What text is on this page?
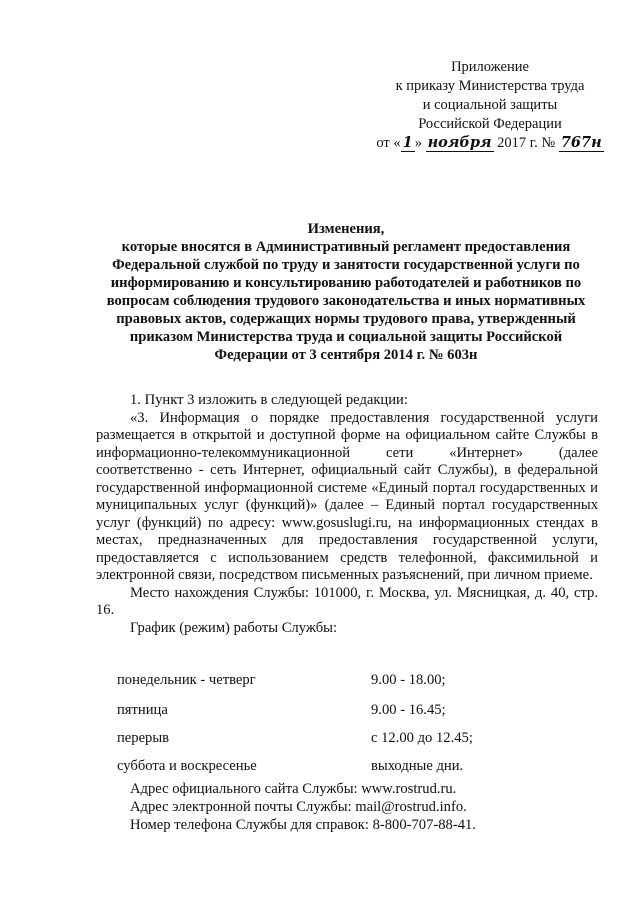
Приложение
к приказу Министерства труда
и социальной защиты
Российской Федерации
от « 1 » ноября 2017 г. № 767н
Изменения,
которые вносятся в Административный регламент предоставления Федеральной службой по труду и занятости государственной услуги по информированию и консультированию работодателей и работников по вопросам соблюдения трудового законодательства и иных нормативных правовых актов, содержащих нормы трудового права, утвержденный приказом Министерства труда и социальной защиты Российской Федерации от 3 сентября 2014 г. № 603н

1. Пункт 3 изложить в следующей редакции:

«3. Информация о порядке предоставления государственной услуги размещается в открытой и доступной форме на официальном сайте Службы в информационно-телекоммуникационной сети «Интернет» (далее соответственно - сеть Интернет, официальный сайт Службы), в федеральной государственной информационной системе «Единый портал государственных и муниципальных услуг (функций)» (далее – Единый портал государственных услуг (функций) по адресу: www.gosuslugi.ru, на информационных стендах в местах, предназначенных для предоставления государственной услуги, предоставляется с использованием средств телефонной, факсимильной и электронной связи, посредством письменных разъяснений, при личном приеме.

Место нахождения Службы: 101000, г. Москва, ул. Мясницкая, д. 40, стр. 16.

График (режим) работы Службы:

понедельник - четверг	9.00 - 18.00;
пятница	9.00 - 16.45;
перерыв	с 12.00 до 12.45;
суббота и воскресенье	выходные дни.
Адрес официального сайта Службы: www.rostrud.ru.
Адрес электронной почты Службы: mail@rostrud.info.
Номер телефона Службы для справок: 8-800-707-88-41.
